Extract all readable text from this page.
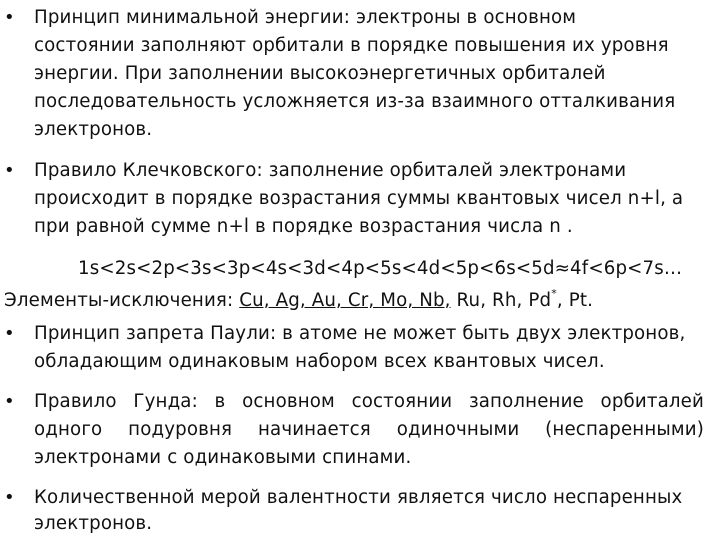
•	Принцип минимальной энергии: электроны в основном
состоянии заполняют орбитали в порядке повышения их уровня
энергии. При заполнении высокоэнергетичных орбиталей
последовательность усложняется из-за взаимного отталкивания
электронов.
•	Правило Клечковского: заполнение орбиталей электронами
происходит в порядке возрастания суммы квантовых чисел n+l, а
при равной сумме n+l в порядке возрастания числа n .
1s<2s<2p<3s<3p<4s<3d<4p<5s<4d<5p<6s<5d≈4f<6p<7s…
Элементы-исключения: Cu, Ag, Au, Cr, Mo, Nb, Ru, Rh, Pd*, Pt.
•	Принцип запрета Паули: в атоме не может быть двух электронов,
обладающим одинаковым набором всех квантовых чисел.
•	Правило Гунда: в основном состоянии заполнение орбиталей
одного подуровня начинается одиночными (неспаренными)
электронами с одинаковыми спинами.
•	Количественной мерой валентности является число неспаренных
электронов.
